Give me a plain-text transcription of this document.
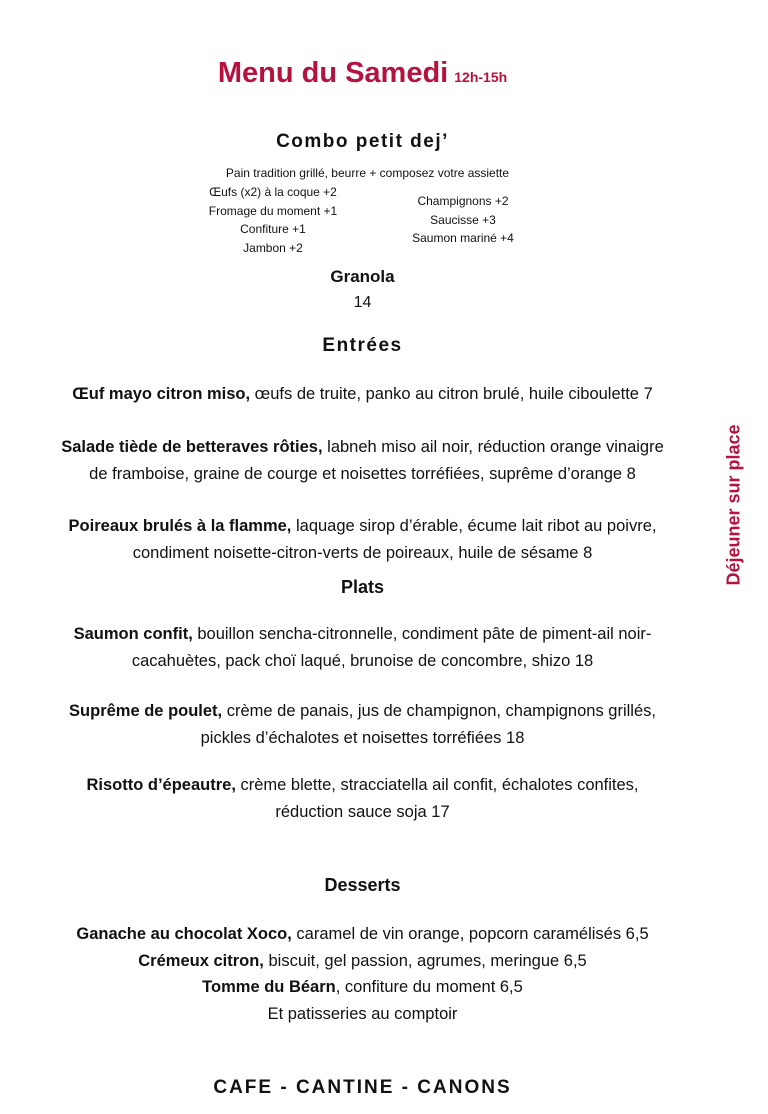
Menu du Samedi 12h-15h
Combo petit dej’
Pain tradition grillé, beurre + composez votre assiette
Œufs (x2) à la coque +2
Fromage du moment +1
Confiture +1
Jambon +2
Champignons +2
Saucisse +3
Saumon mariné +4
Granola
14
Entrées
Œuf mayo citron miso, œufs de truite, panko au citron brulé, huile ciboulette 7
Salade tiède de betteraves rôties, labneh miso ail noir, réduction orange vinaigre
de framboise, graine de courge et noisettes torréfiées, suprême d’orange 8
Poireaux brulés à la flamme, laquage sirop d’érable, écume lait ribot au poivre,
condiment noisette-citron-verts de poireaux, huile de sésame 8
Plats
Saumon confit, bouillon sencha-citronnelle, condiment pâte de piment-ail noir-
cacahuètes, pack choï laqué, brunoise de concombre, shizo 18
Suprême de poulet, crème de panais, jus de champignon, champignons grillés,
pickles d’échalotes et noisettes torréfiées 18
Risotto d’épeautre, crème blette, stracciatella ail confit, échalotes confites,
réduction sauce soja 17
Desserts
Ganache au chocolat Xoco, caramel de vin orange, popcorn caramélisés 6,5
Crémeux citron, biscuit, gel passion, agrumes, meringue 6,5
Tomme du Béarn, confiture du moment 6,5
Et patisseries au comptoir
Déjeuner sur place
CAFE - CANTINE - CANONS
